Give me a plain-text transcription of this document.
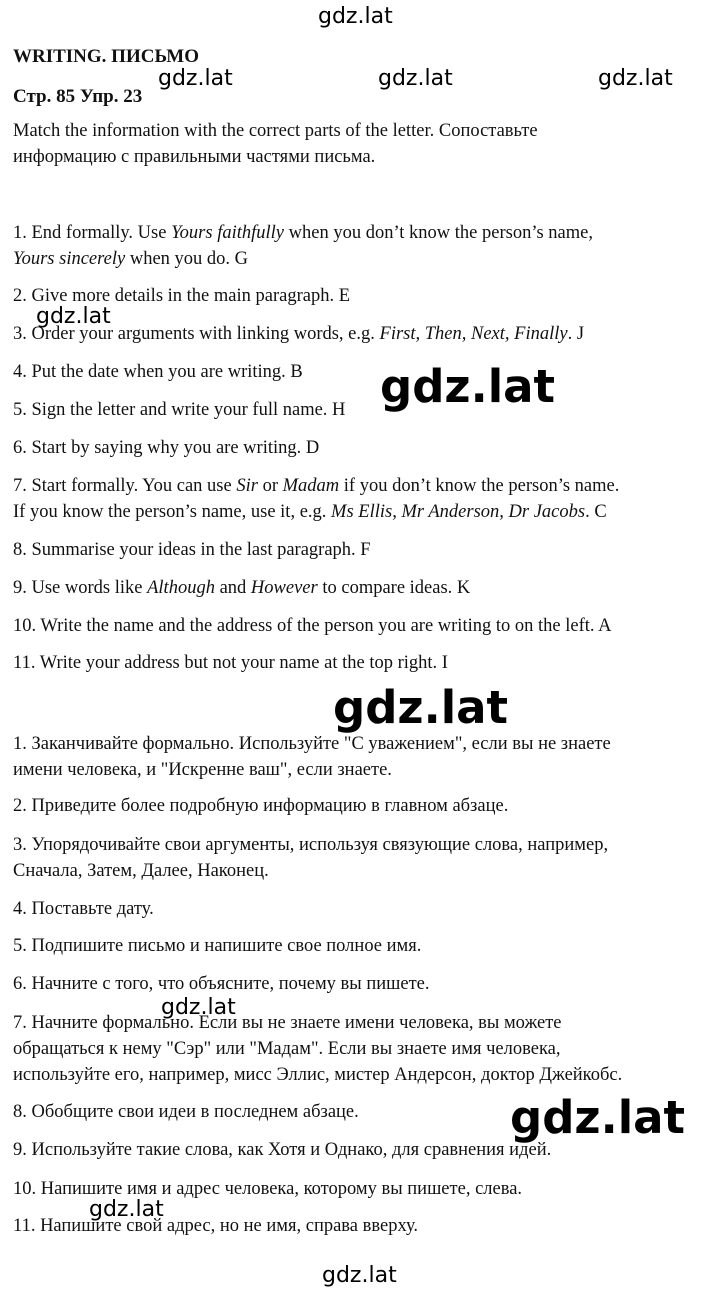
WRITING. ПИСЬМО
Стр. 85 Упр. 23
Match the information with the correct parts of the letter. Сопоставьте
информацию с правильными частями письма.
1. End formally. Use Yours faithfully when you don’t know the person’s name,
Yours sincerely when you do. G
2. Give more details in the main paragraph. E
3. Order your arguments with linking words, e.g. First, Then, Next, Finally. J
4. Put the date when you are writing. B
5. Sign the letter and write your full name. H
6. Start by saying why you are writing. D
7. Start formally. You can use Sir or Madam if you don’t know the person’s name.
If you know the person’s name, use it, e.g. Ms Ellis, Mr Anderson, Dr Jacobs. C
8. Summarise your ideas in the last paragraph. F
9. Use words like Although and However to compare ideas. K
10. Write the name and the address of the person you are writing to on the left. A
11. Write your address but not your name at the top right. I
1. Заканчивайте формально. Используйте "С уважением", если вы не знаете
имени человека, и "Искренне ваш", если знаете.
2. Приведите более подробную информацию в главном абзаце.
3. Упорядочивайте свои аргументы, используя связующие слова, например,
Сначала, Затем, Далее, Наконец.
4. Поставьте дату.
5. Подпишите письмо и напишите свое полное имя.
6. Начните с того, что объясните, почему вы пишете.
7. Начните формально. Если вы не знаете имени человека, вы можете
обращаться к нему "Сэр" или "Мадам". Если вы знаете имя человека,
используйте его, например, мисс Эллис, мистер Андерсон, доктор Джейкобс.
8. Обобщите свои идеи в последнем абзаце.
9. Используйте такие слова, как Хотя и Однако, для сравнения идей.
10. Напишите имя и адрес человека, которому вы пишете, слева.
11. Напишите свой адрес, но не имя, справа вверху.
gdz.lat
gdz.lat	gdz.lat	gdz.lat
gdz.lat
gdz.lat
gdz.lat
gdz.lat
gdz.lat
gdz.lat
gdz.lat
